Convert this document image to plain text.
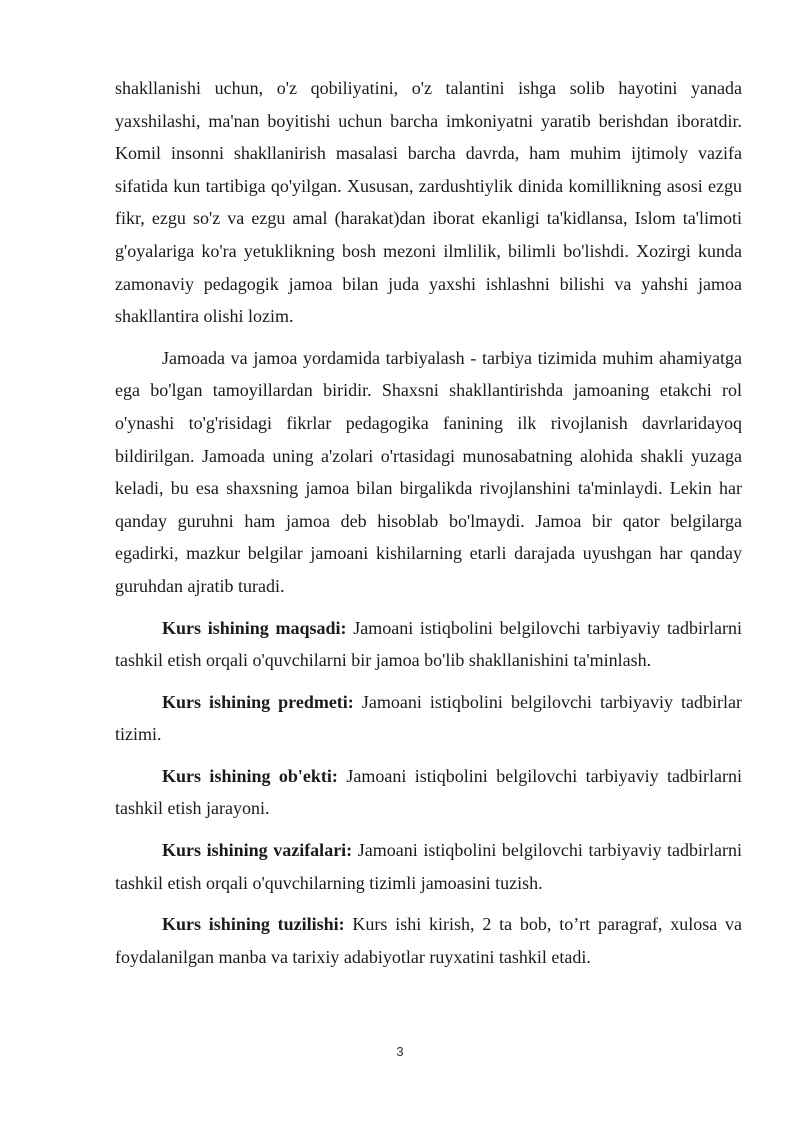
shakllanishi uchun, o'z qobiliyatini, o'z talantini ishga solib hayotini yanada yaxshilashi, ma'nan boyitishi uchun barcha imkoniyatni yaratib berishdan iboratdir. Komil insonni shakllanirish masalasi barcha davrda, ham muhim ijtimoly vazifa sifatida kun tartibiga qo'yilgan. Xususan, zardushtiylik dinida komillikning asosi ezgu fikr, ezgu so'z va ezgu amal (harakat)dan iborat ekanligi ta'kidlansa, Islom ta'limoti g'oyalariga ko'ra yetuklikning bosh mezoni ilmlilik, bilimli bo'lishdi. Xozirgi kunda zamonaviy pedagogik jamoa bilan juda yaxshi ishlashni bilishi va yahshi jamoa shakllantira olishi lozim.

Jamoada va jamoa yordamida tarbiyalash - tarbiya tizimida muhim ahamiyatga ega bo'lgan tamoyillardan biridir. Shaxsni shakllantirishda jamoaning etakchi rol o'ynashi to'g'risidagi fikrlar pedagogika fanining ilk rivojlanish davrlaridayoq bildirilgan. Jamoada uning a'zolari o'rtasidagi munosabatning alohida shakli yuzaga keladi, bu esa shaxsning jamoa bilan birgalikda rivojlanshini ta'minlaydi. Lekin har qanday guruhni ham jamoa deb hisoblab bo'lmaydi. Jamoa bir qator belgilarga egadirki, mazkur belgilar jamoani kishilarning etarli darajada uyushgan har qanday guruhdan ajratib turadi.

Kurs ishining maqsadi: Jamoani istiqbolini belgilovchi tarbiyaviy tadbirlarni tashkil etish orqali o'quvchilarni bir jamoa bo'lib shakllanishini ta'minlash.

Kurs ishining predmeti: Jamoani istiqbolini belgilovchi tarbiyaviy tadbirlar tizimi.

Kurs ishining ob'ekti: Jamoani istiqbolini belgilovchi tarbiyaviy tadbirlarni tashkil etish jarayoni.

Kurs ishining vazifalari: Jamoani istiqbolini belgilovchi tarbiyaviy tadbirlarni tashkil etish orqali o'quvchilarning tizimli jamoasini tuzish.

Kurs ishining tuzilishi: Kurs ishi kirish, 2 ta bob, to’rt paragraf, xulosa va foydalanilgan manba va tarixiy adabiyotlar ruyxatini tashkil etadi.

3
